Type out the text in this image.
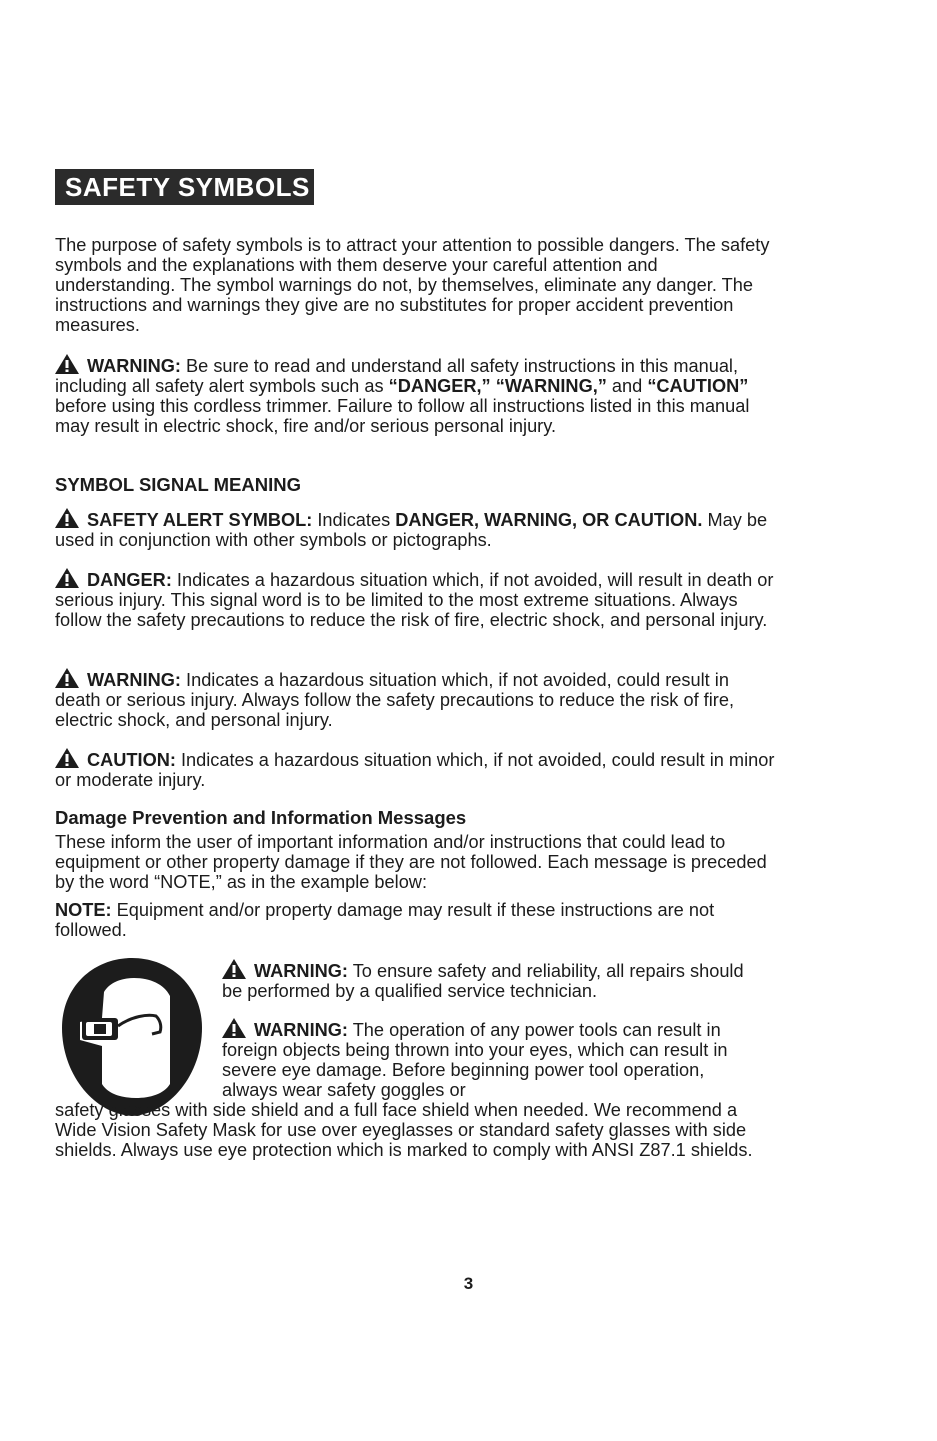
SAFETY SYMBOLS

The purpose of safety symbols is to attract your attention to possible dangers. The safety symbols and the explanations with them deserve your careful attention and understanding. The symbol warnings do not, by themselves, eliminate any danger. The instructions and warnings they give are no substitutes for proper accident prevention measures.

WARNING: Be sure to read and understand all safety instructions in this manual, including all safety alert symbols such as “DANGER,” “WARNING,” and “CAUTION” before using this cordless trimmer. Failure to follow all instructions listed in this manual may result in electric shock, fire and/or serious personal injury.

SYMBOL SIGNAL MEANING

SAFETY ALERT SYMBOL: Indicates DANGER, WARNING, OR CAUTION. May be used in conjunction with other symbols or pictographs.

DANGER: Indicates a hazardous situation which, if not avoided, will result in death or serious injury. This signal word is to be limited to the most extreme situations. Always follow the safety precautions to reduce the risk of fire, electric shock, and personal injury.

WARNING: Indicates a hazardous situation which, if not avoided, could result in death or serious injury. Always follow the safety precautions to reduce the risk of fire, electric shock, and personal injury.

CAUTION: Indicates a hazardous situation which, if not avoided, could result in minor or moderate injury.

Damage Prevention and Information Messages

These inform the user of important information and/or instructions that could lead to equipment or other property damage if they are not followed. Each message is preceded by the word “NOTE,” as in the example below:

NOTE: Equipment and/or property damage may result if these instructions are not followed.

WARNING: To ensure safety and reliability, all repairs should be performed by a qualified service technician.

WARNING: The operation of any power tools can result in foreign objects being thrown into your eyes, which can result in severe eye damage. Before beginning power tool operation, always wear safety goggles or

safety glasses with side shield and a full face shield when needed. We recommend a Wide Vision Safety Mask for use over eyeglasses or standard safety glasses with side shields. Always use eye protection which is marked to comply with ANSI Z87.1 shields.

3
